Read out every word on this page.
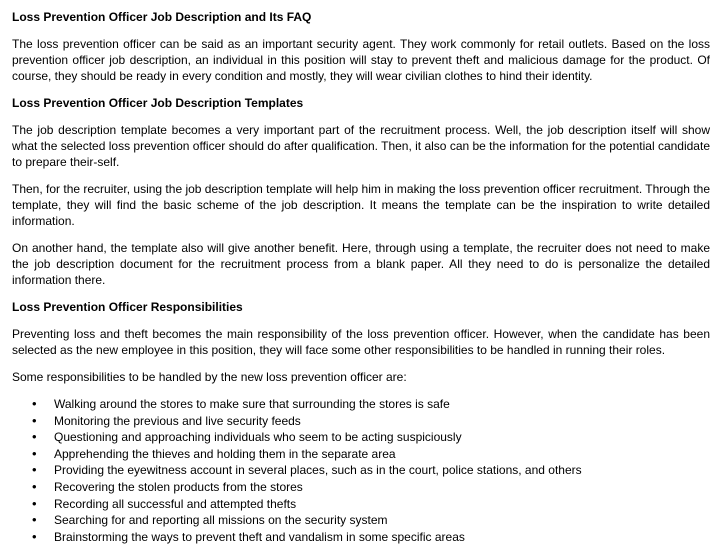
Loss Prevention Officer Job Description and Its FAQ

The loss prevention officer can be said as an important security agent. They work commonly for retail outlets. Based on the loss prevention officer job description, an individual in this position will stay to prevent theft and malicious damage for the product. Of course, they should be ready in every condition and mostly, they will wear civilian clothes to hind their identity.

Loss Prevention Officer Job Description Templates

The job description template becomes a very important part of the recruitment process. Well, the job description itself will show what the selected loss prevention officer should do after qualification. Then, it also can be the information for the potential candidate to prepare their-self.

Then, for the recruiter, using the job description template will help him in making the loss prevention officer recruitment. Through the template, they will find the basic scheme of the job description. It means the template can be the inspiration to write detailed information.

On another hand, the template also will give another benefit. Here, through using a template, the recruiter does not need to make the job description document for the recruitment process from a blank paper. All they need to do is personalize the detailed information there.

Loss Prevention Officer Responsibilities

Preventing loss and theft becomes the main responsibility of the loss prevention officer. However, when the candidate has been selected as the new employee in this position, they will face some other responsibilities to be handled in running their roles.

Some responsibilities to be handled by the new loss prevention officer are:

•	Walking around the stores to make sure that surrounding the stores is safe
•	Monitoring the previous and live security feeds
•	Questioning and approaching individuals who seem to be acting suspiciously
•	Apprehending the thieves and holding them in the separate area
•	Providing the eyewitness account in several places, such as in the court, police stations, and others
•	Recovering the stolen products from the stores
•	Recording all successful and attempted thefts
•	Searching for and reporting all missions on the security system
•	Brainstorming the ways to prevent theft and vandalism in some specific areas
